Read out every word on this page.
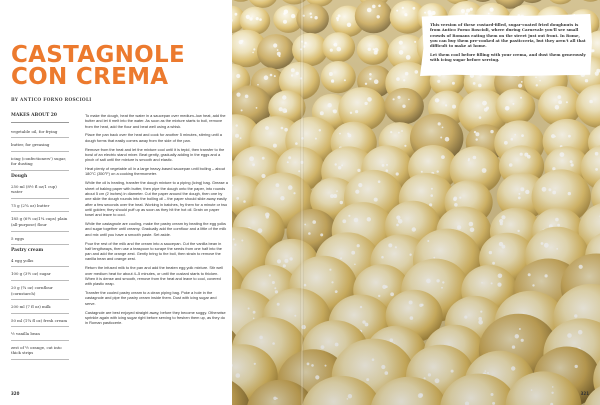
CASTAGNOLE CON CREMA
BY ANTICO FORNO ROSCIOLI
MAKES ABOUT 20
vegetable oil, for frying
butter, for greasing
icing (confectioners') sugar, for dusting
Dough
250 ml (8½ fl oz/1 cup) water
75 g (2¾ oz) butter
185 g (6½ oz/1¼ cups) plain (all-purpose) flour
5 eggs
Pastry cream
4 egg yolks
100 g (3½ oz) sugar
20 g (¾ oz) cornflour (cornstarch)
200 ml (7 fl oz) milk
50 ml (1¾ fl oz) fresh cream
½ vanilla bean
zest of ½ orange, cut into thick strips

To make the dough, heat the water in a saucepan over medium–low heat, add the butter and let it melt into the water. As soon as the mixture starts to boil, remove from the heat, add the flour and beat well using a whisk.

Place the pan back over the heat and cook for another 5 minutes, stirring until a dough forms that easily comes away from the side of the pan.

Remove from the heat and let the mixture cool until it is tepid, then transfer to the bowl of an electric stand mixer. Beat gently, gradually adding in the eggs and a pinch of salt until the mixture is smooth and elastic.

Heat plenty of vegetable oil in a large heavy-based saucepan until boiling – about 180°C (350°F) on a cooking thermometer.

While the oil is heating, transfer the dough mixture to a piping (icing) bag. Grease a sheet of baking paper with butter, then pipe the dough onto the paper, into rounds about 5 cm (2 inches) in diameter. Cut the paper around the dough, then one by one slide the dough rounds into the boiling oil – the paper should slide away easily after a few seconds over the heat. Working in batches, fry them for a minute or two until golden; they should puff up as soon as they hit the hot oil. Drain on paper towel and leave to cool.

While the castagnole are cooling, make the pastry cream by beating the egg yolks and sugar together until creamy. Gradually add the cornflour and a little of the milk and mix until you have a smooth paste. Set aside.

Pour the rest of the milk and the cream into a saucepan. Cut the vanilla bean in half lengthways, then use a teaspoon to scrape the seeds from one half into the pan and add the orange zest. Gently bring to the boil, then strain to remove the vanilla bean and orange zest.

Return the infused milk to the pan and add the beaten egg yolk mixture. Stir well over medium heat for about 4–5 minutes, or until the custard starts to thicken. When it is dense and smooth, remove from the heat and leave to cool, covered with plastic wrap.

Transfer the cooled pastry cream to a clean piping bag. Poke a hole in the castagnole and pipe the pastry cream inside them. Dust with icing sugar and serve.

Castagnole are best enjoyed straight away, before they become soggy. Otherwise sprinkle again with icing sugar right before serving to freshen them up, as they do in Roman pasticcerie.

320

This version of these custard-filled, sugar-coated fried doughnuts is from Antico Forno Roscioli, where during Carnevale you'll see small crowds of Romans eating them on the street just out front. In Rome, you can buy them pre-cooked at the pasticceria, but they aren't all that difficult to make at home.

Let them cool before filling with your crema, and dust them generously with icing sugar before serving.

321
